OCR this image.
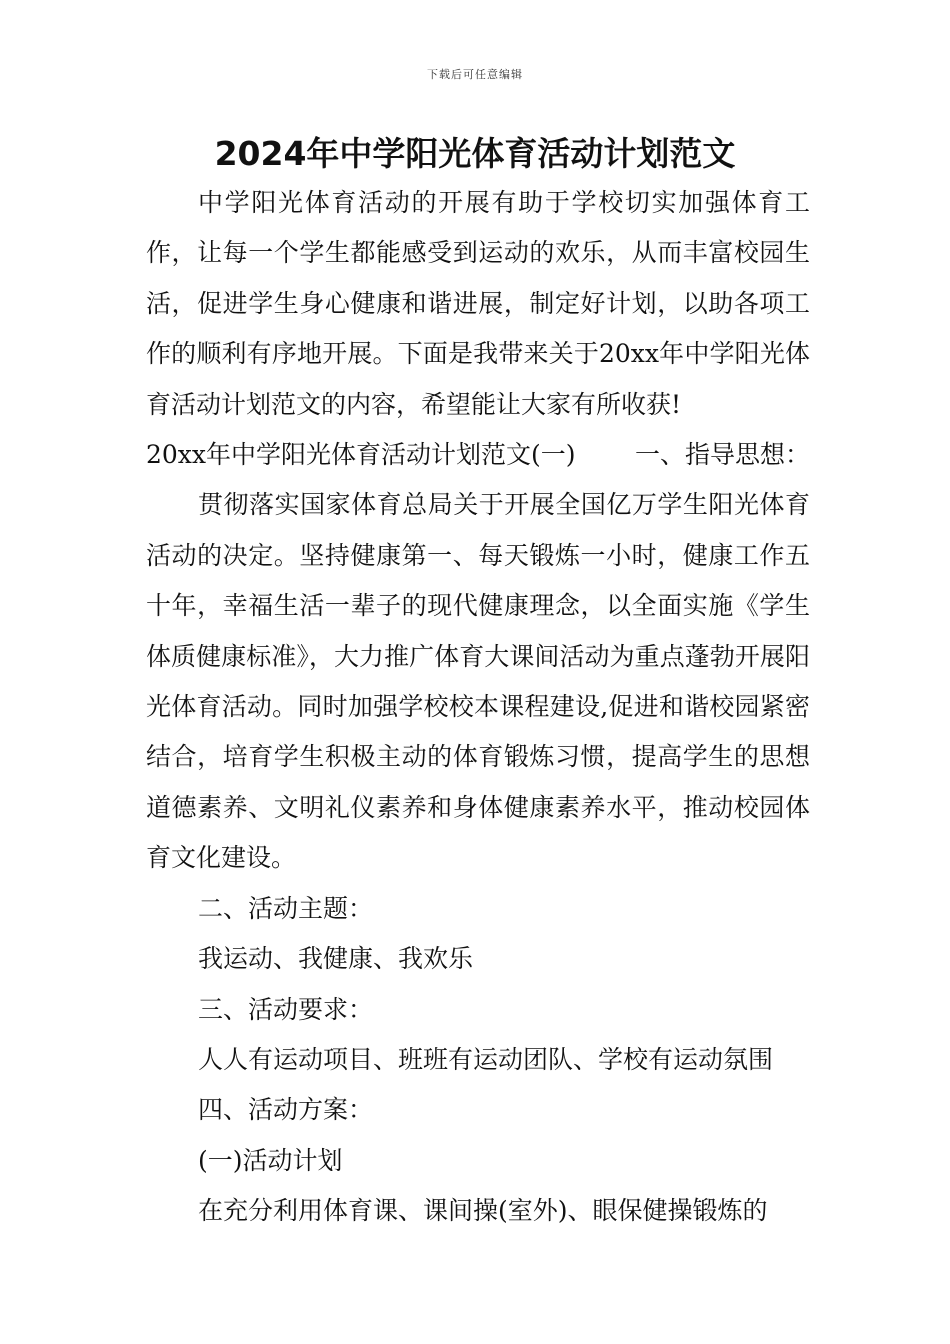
下载后可任意编辑
2024年中学阳光体育活动计划范文

中学阳光体育活动的开展有助于学校切实加强体育工作，让每一个学生都能感受到运动的欢乐，从而丰富校园生活，促进学生身心健康和谐进展，制定好计划，以助各项工作的顺利有序地开展。下面是我带来关于20xx年中学阳光体育活动计划范文的内容，希望能让大家有所收获!

20xx年中学阳光体育活动计划范文(一) 一、指导思想：

贯彻落实国家体育总局关于开展全国亿万学生阳光体育活动的决定。坚持健康第一、每天锻炼一小时，健康工作五十年，幸福生活一辈子的现代健康理念，以全面实施《学生体质健康标准》，大力推广体育大课间活动为重点蓬勃开展阳光体育活动。同时加强学校校本课程建设,促进和谐校园紧密结合，培育学生积极主动的体育锻炼习惯，提高学生的思想道德素养、文明礼仪素养和身体健康素养水平，推动校园体育文化建设。

二、活动主题：

我运动、我健康、我欢乐

三、活动要求：

人人有运动项目、班班有运动团队、学校有运动氛围

四、活动方案：

(一)活动计划

在充分利用体育课、课间操(室外)、眼保健操锻炼的
